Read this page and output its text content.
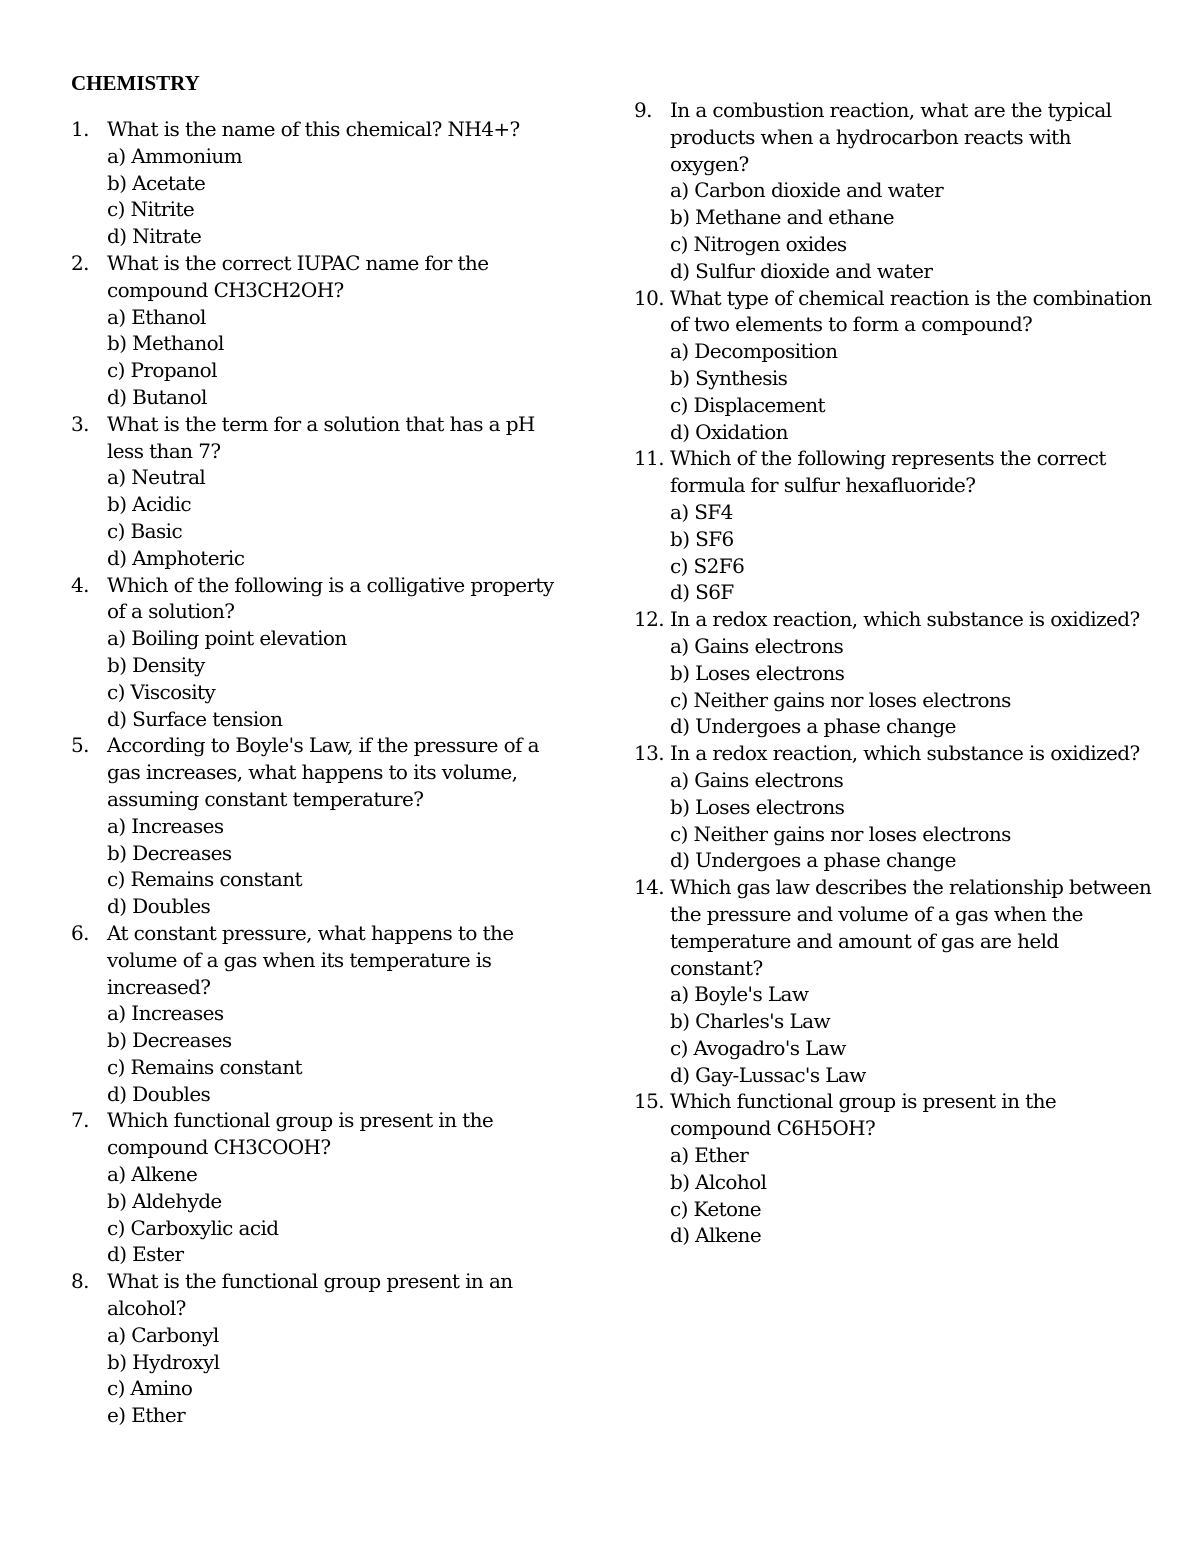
CHEMISTRY
1. What is the name of this chemical? NH4+?
a) Ammonium
b) Acetate
c) Nitrite
d) Nitrate
2. What is the correct IUPAC name for the compound CH3CH2OH?
a) Ethanol
b) Methanol
c) Propanol
d) Butanol
3. What is the term for a solution that has a pH less than 7?
a) Neutral
b) Acidic
c) Basic
d) Amphoteric
4. Which of the following is a colligative property of a solution?
a) Boiling point elevation
b) Density
c) Viscosity
d) Surface tension
5. According to Boyle's Law, if the pressure of a gas increases, what happens to its volume, assuming constant temperature?
a) Increases
b) Decreases
c) Remains constant
d) Doubles
6. At constant pressure, what happens to the volume of a gas when its temperature is increased?
a) Increases
b) Decreases
c) Remains constant
d) Doubles
7. Which functional group is present in the compound CH3COOH?
a) Alkene
b) Aldehyde
c) Carboxylic acid
d) Ester
8. What is the functional group present in an alcohol?
a) Carbonyl
b) Hydroxyl
c) Amino
e) Ether
9. In a combustion reaction, what are the typical products when a hydrocarbon reacts with oxygen?
a) Carbon dioxide and water
b) Methane and ethane
c) Nitrogen oxides
d) Sulfur dioxide and water
10. What type of chemical reaction is the combination of two elements to form a compound?
a) Decomposition
b) Synthesis
c) Displacement
d) Oxidation
11. Which of the following represents the correct formula for sulfur hexafluoride?
a) SF4
b) SF6
c) S2F6
d) S6F
12. In a redox reaction, which substance is oxidized?
a) Gains electrons
b) Loses electrons
c) Neither gains nor loses electrons
d) Undergoes a phase change
13. In a redox reaction, which substance is oxidized?
a) Gains electrons
b) Loses electrons
c) Neither gains nor loses electrons
d) Undergoes a phase change
14. Which gas law describes the relationship between the pressure and volume of a gas when the temperature and amount of gas are held constant?
a) Boyle's Law
b) Charles's Law
c) Avogadro's Law
d) Gay-Lussac's Law
15. Which functional group is present in the compound C6H5OH?
a) Ether
b) Alcohol
c) Ketone
d) Alkene
